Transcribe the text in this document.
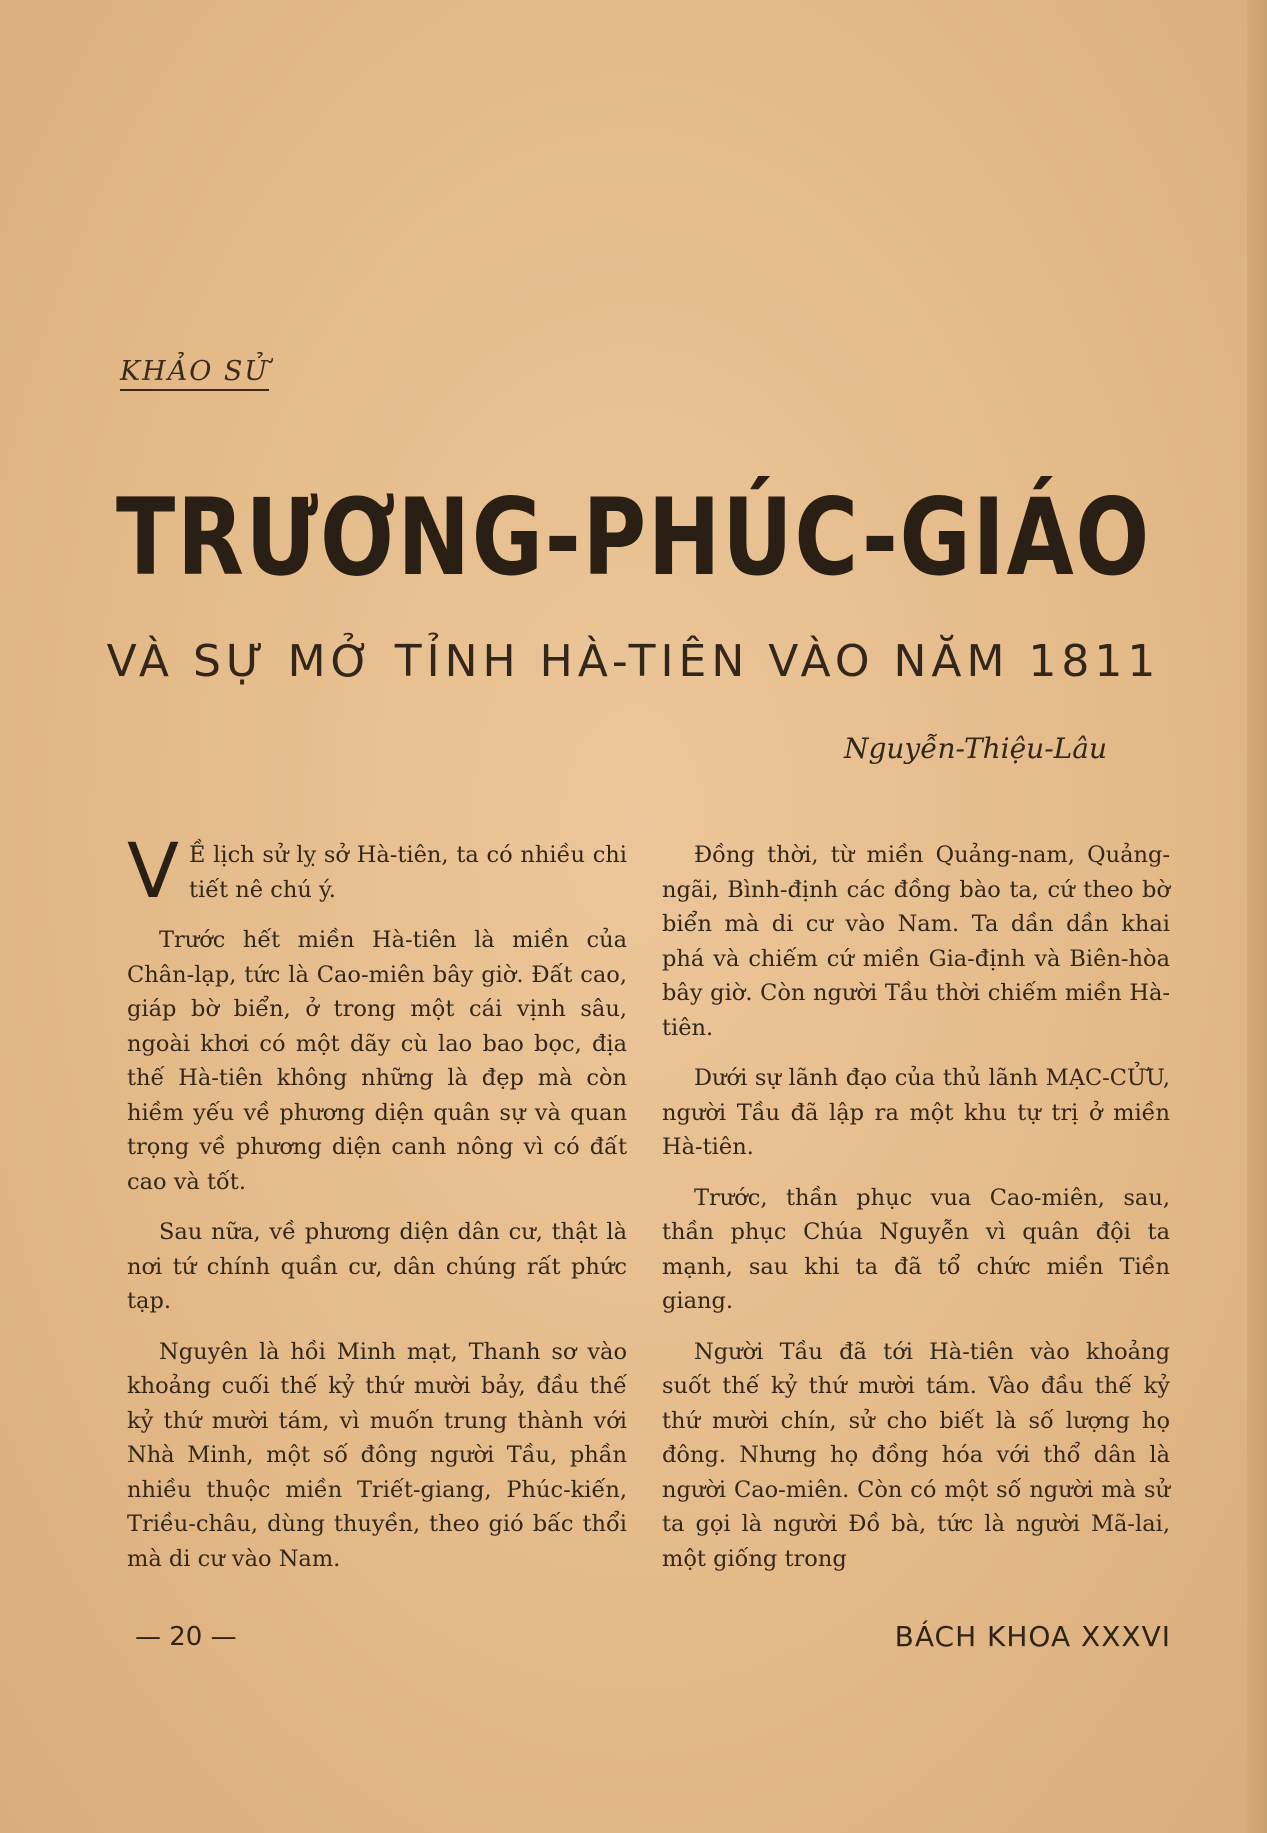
KHẢO SỬ
TRƯƠNG-PHÚC-GIÁO
VÀ SỰ MỞ TỈNH HÀ-TIÊN VÀO NĂM 1811
Nguyễn-Thiệu-Lâu

V Ề lịch sử lỵ sở Hà-tiên, ta có nhiều chi tiết nê chú ý.

Trước hết miền Hà-tiên là miền của Chân-lạp, tức là Cao-miên bây giờ. Đất cao, giáp bờ biển, ở trong một cái vịnh sâu, ngoài khơi có một dãy cù lao bao bọc, địa thế Hà-tiên không những là đẹp mà còn hiềm yếu về phương diện quân sự và quan trọng về phương diện canh nông vì có đất cao và tốt.

Sau nữa, về phương diện dân cư, thật là nơi tứ chính quần cư, dân chúng rất phức tạp.

Nguyên là hồi Minh mạt, Thanh sơ vào khoảng cuối thế kỷ thứ mười bảy, đầu thế kỷ thứ mười tám, vì muốn trung thành với Nhà Minh, một số đông người Tầu, phần nhiều thuộc miền Triết-giang, Phúc-kiến, Triều-châu, dùng thuyền, theo gió bấc thổi mà di cư vào Nam.

Đồng thời, từ miền Quảng-nam, Quảng-ngãi, Bình-định các đồng bào ta, cứ theo bờ biển mà di cư vào Nam. Ta dần dần khai phá và chiếm cứ miền Gia-định và Biên-hòa bây giờ. Còn người Tầu thời chiếm miền Hà-tiên.

Dưới sự lãnh đạo của thủ lãnh MẠC-CỬU, người Tầu đã lập ra một khu tự trị ở miền Hà-tiên.

Trước, thần phục vua Cao-miên, sau, thần phục Chúa Nguyễn vì quân đội ta mạnh, sau khi ta đã tổ chức miền Tiền giang.

Người Tầu đã tới Hà-tiên vào khoảng suốt thế kỷ thứ mười tám. Vào đầu thế kỷ thứ mười chín, sử cho biết là số lượng họ đông. Nhưng họ đồng hóa với thổ dân là người Cao-miên. Còn có một số người mà sử ta gọi là người Đồ bà, tức là người Mã-lai, một giống trong

— 20 —	BÁCH KHOA XXXVI
